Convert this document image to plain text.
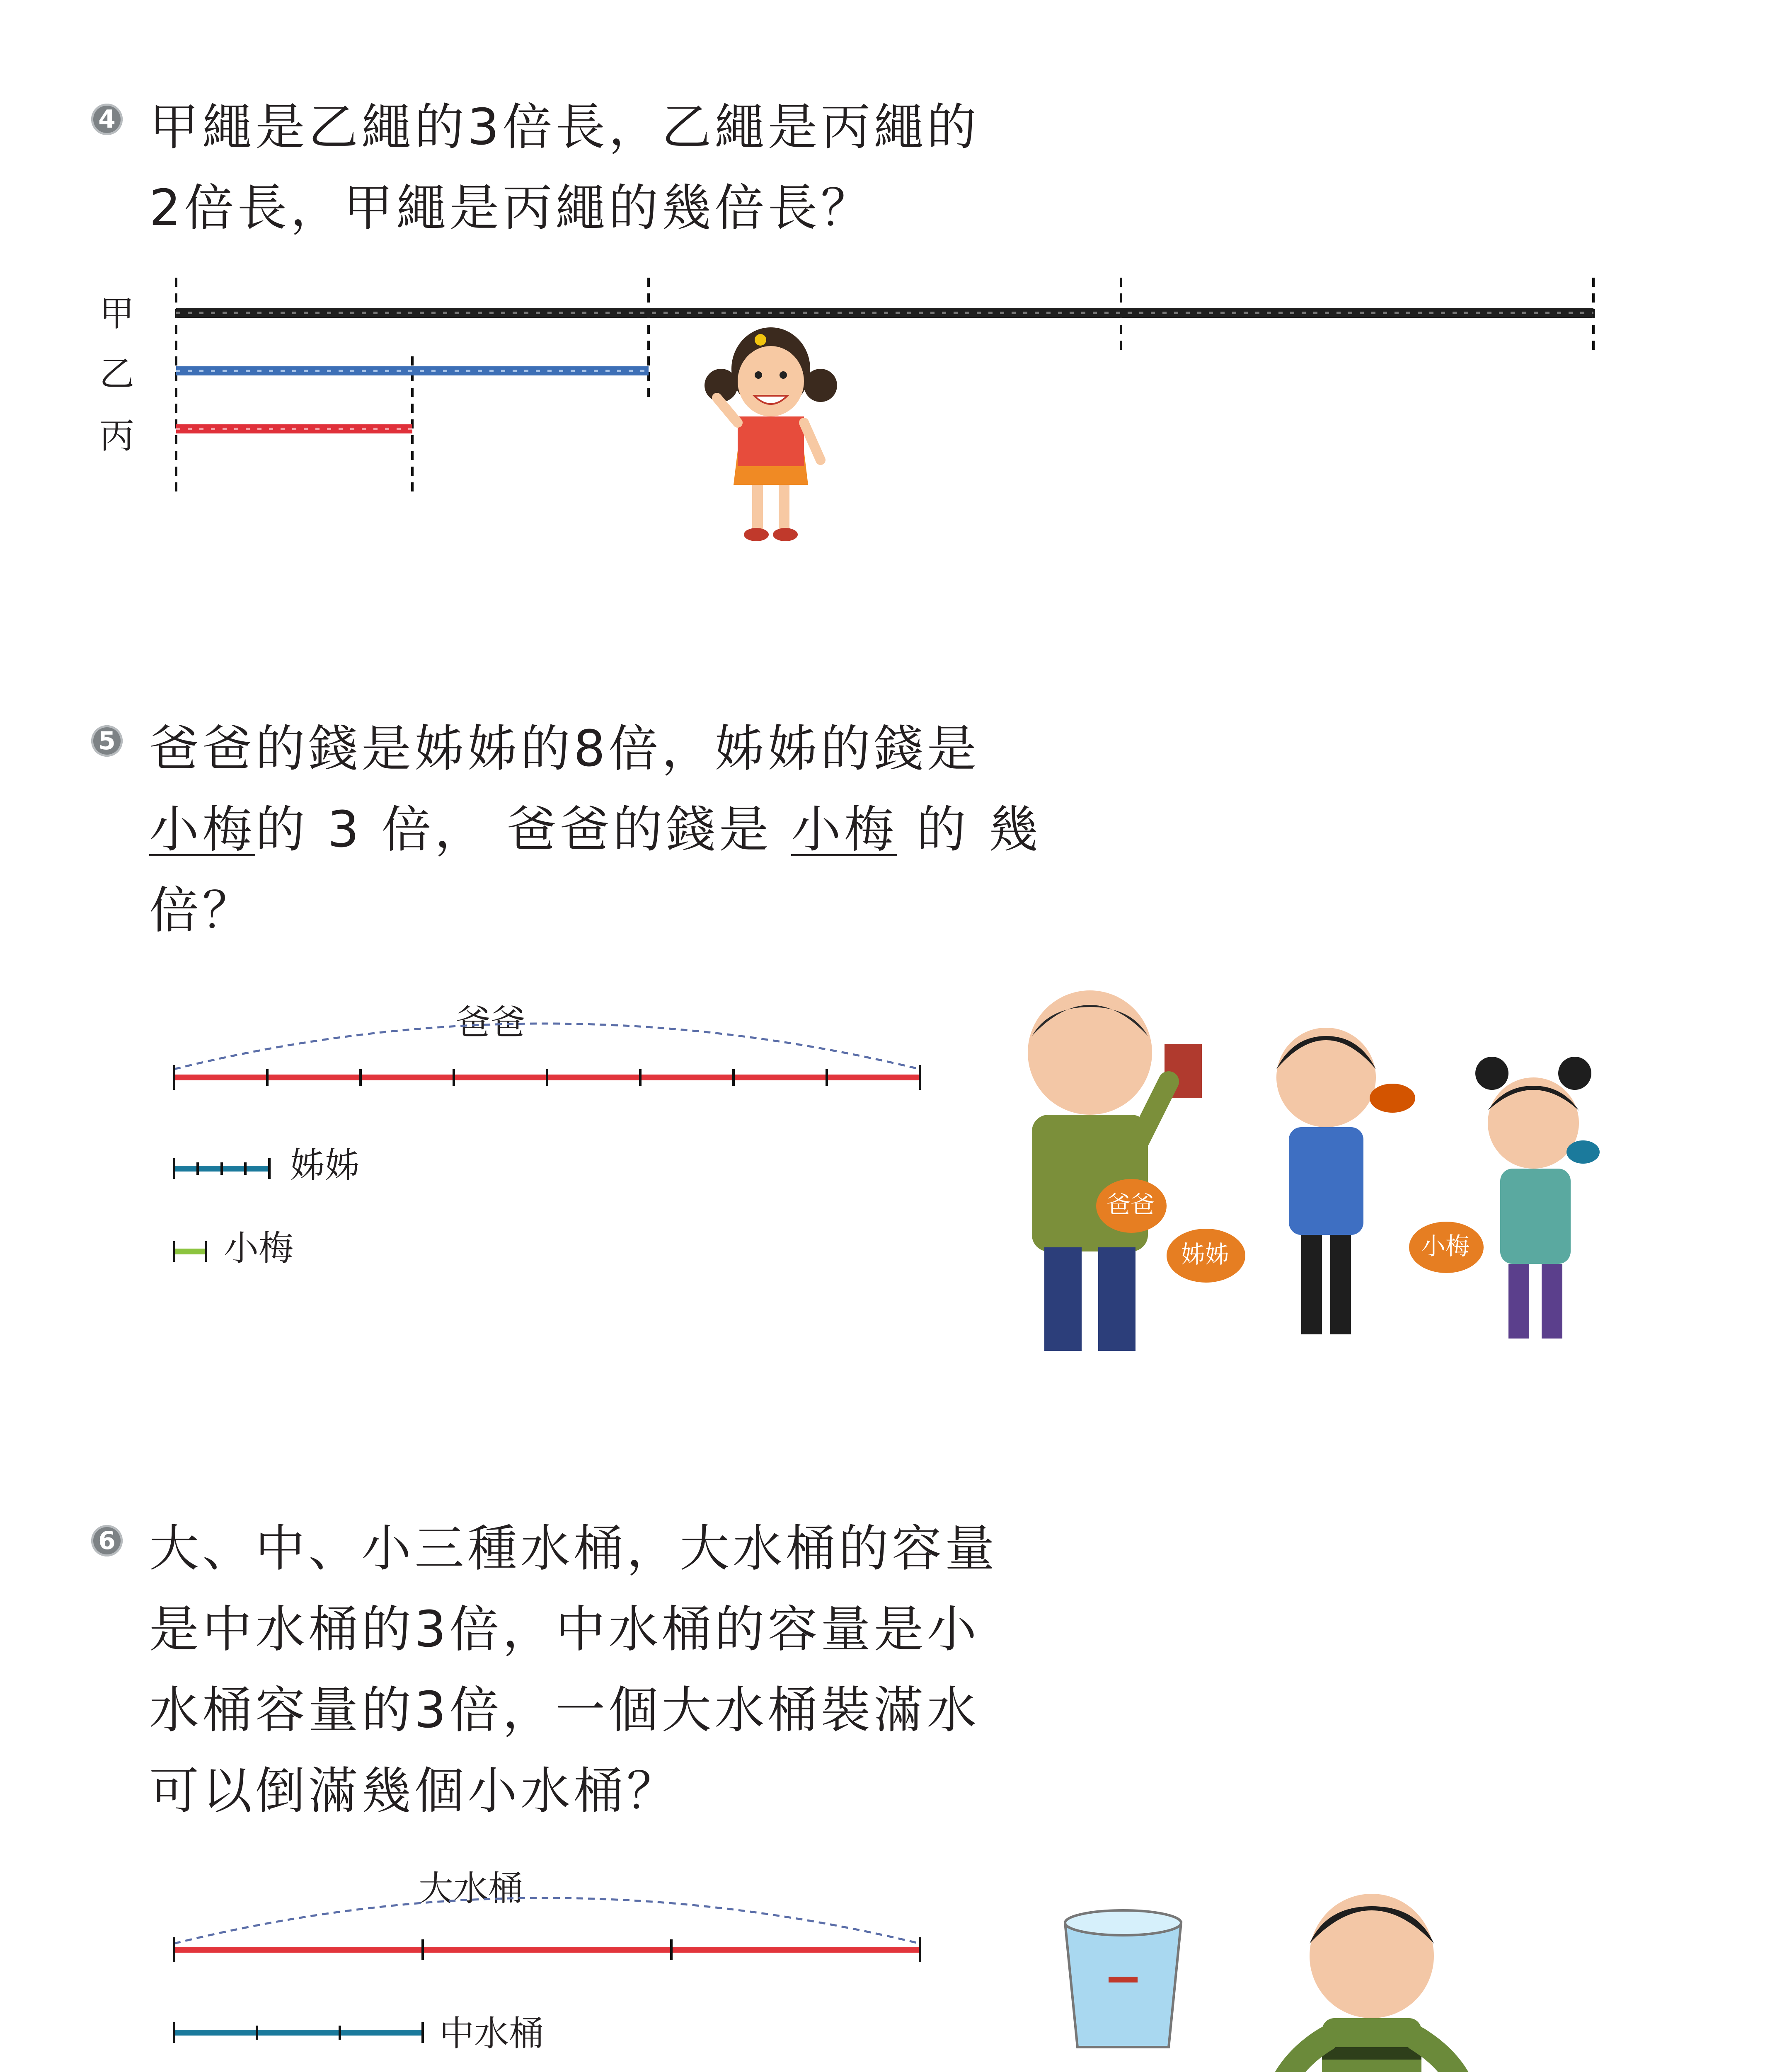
4 甲繩是乙繩的3倍長，乙繩是丙繩的
2倍長，甲繩是丙繩的幾倍長？
甲
乙
丙
5 爸爸的錢是姊姊的8倍，姊姊的錢是
小梅的 3 倍， 爸爸的錢是 小梅 的 幾
倍？
爸爸
姊姊
小梅
爸爸
姊姊	小梅
6 大、中、小三種水桶，大水桶的容量
是中水桶的3倍，中水桶的容量是小
水桶容量的3倍，一個大水桶裝滿水
可以倒滿幾個小水桶？
大水桶
中水桶
